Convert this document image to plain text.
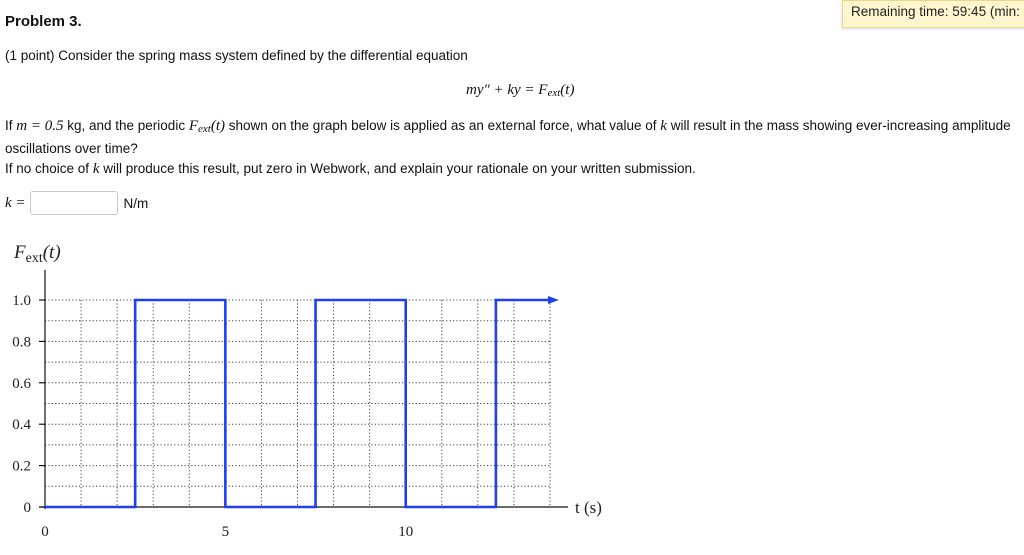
Remaining time: 59:45 (min:
Problem 3.
(1 point) Consider the spring mass system defined by the differential equation
my″ + ky = Fext(t)
If m = 0.5 kg, and the periodic Fext(t) shown on the graph below is applied as an external force, what value of k will result in the mass showing ever-increasing amplitude oscillations over time?
If no choice of k will produce this result, put zero in Webwork, and explain your rationale on your written submission.
k =	N/m
$F_{ext}(t)$
0
0.2
0.4
0.6
0.8
1.0
0	5	10
t (s)
